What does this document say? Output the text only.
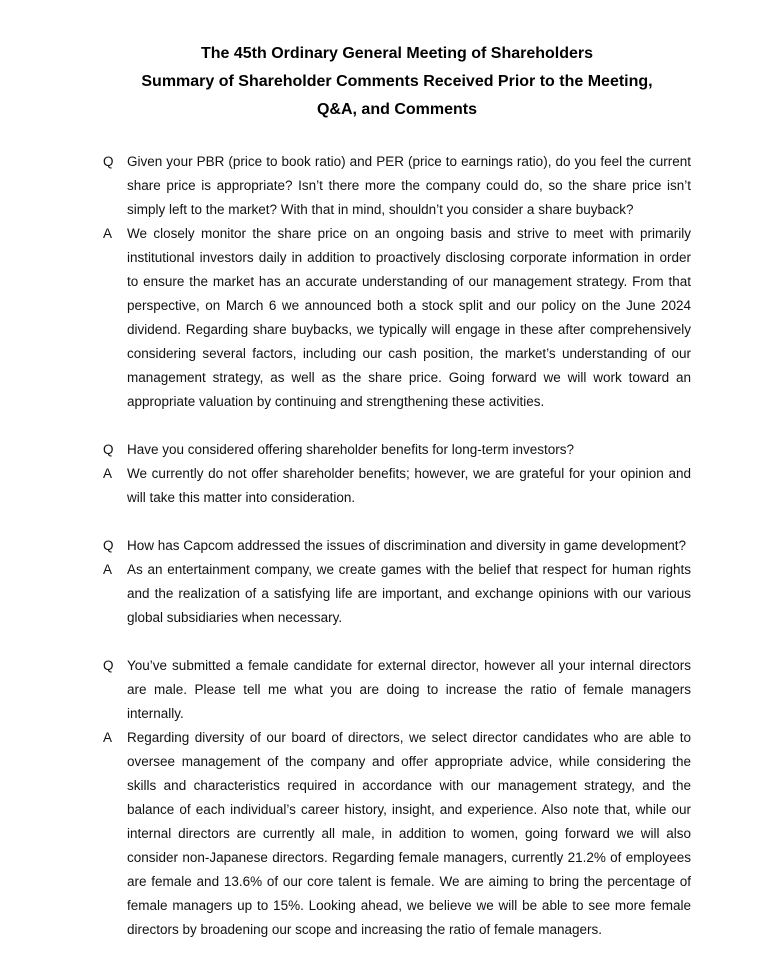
The 45th Ordinary General Meeting of Shareholders
Summary of Shareholder Comments Received Prior to the Meeting,
Q&A, and Comments
Q Given your PBR (price to book ratio) and PER (price to earnings ratio), do you feel the current share price is appropriate? Isn’t there more the company could do, so the share price isn’t simply left to the market? With that in mind, shouldn’t you consider a share buyback?
A	We closely monitor the share price on an ongoing basis and strive to meet with primarily institutional investors daily in addition to proactively disclosing corporate information in order to ensure the market has an accurate understanding of our management strategy. From that perspective, on March 6 we announced both a stock split and our policy on the June 2024 dividend. Regarding share buybacks, we typically will engage in these after comprehensively considering several factors, including our cash position, the market’s understanding of our management strategy, as well as the share price. Going forward we will work toward an appropriate valuation by continuing and strengthening these activities.
Q Have you considered offering shareholder benefits for long-term investors?
A	We currently do not offer shareholder benefits; however, we are grateful for your opinion and will take this matter into consideration.
Q How has Capcom addressed the issues of discrimination and diversity in game development?
A	As an entertainment company, we create games with the belief that respect for human rights and the realization of a satisfying life are important, and exchange opinions with our various global subsidiaries when necessary.
Q You’ve submitted a female candidate for external director, however all your internal directors are male. Please tell me what you are doing to increase the ratio of female managers internally.
A	Regarding diversity of our board of directors, we select director candidates who are able to oversee management of the company and offer appropriate advice, while considering the skills and characteristics required in accordance with our management strategy, and the balance of each individual’s career history, insight, and experience. Also note that, while our internal directors are currently all male, in addition to women, going forward we will also consider non-Japanese directors. Regarding female managers, currently 21.2% of employees are female and 13.6% of our core talent is female. We are aiming to bring the percentage of female managers up to 15%. Looking ahead, we believe we will be able to see more female directors by broadening our scope and increasing the ratio of female managers.
